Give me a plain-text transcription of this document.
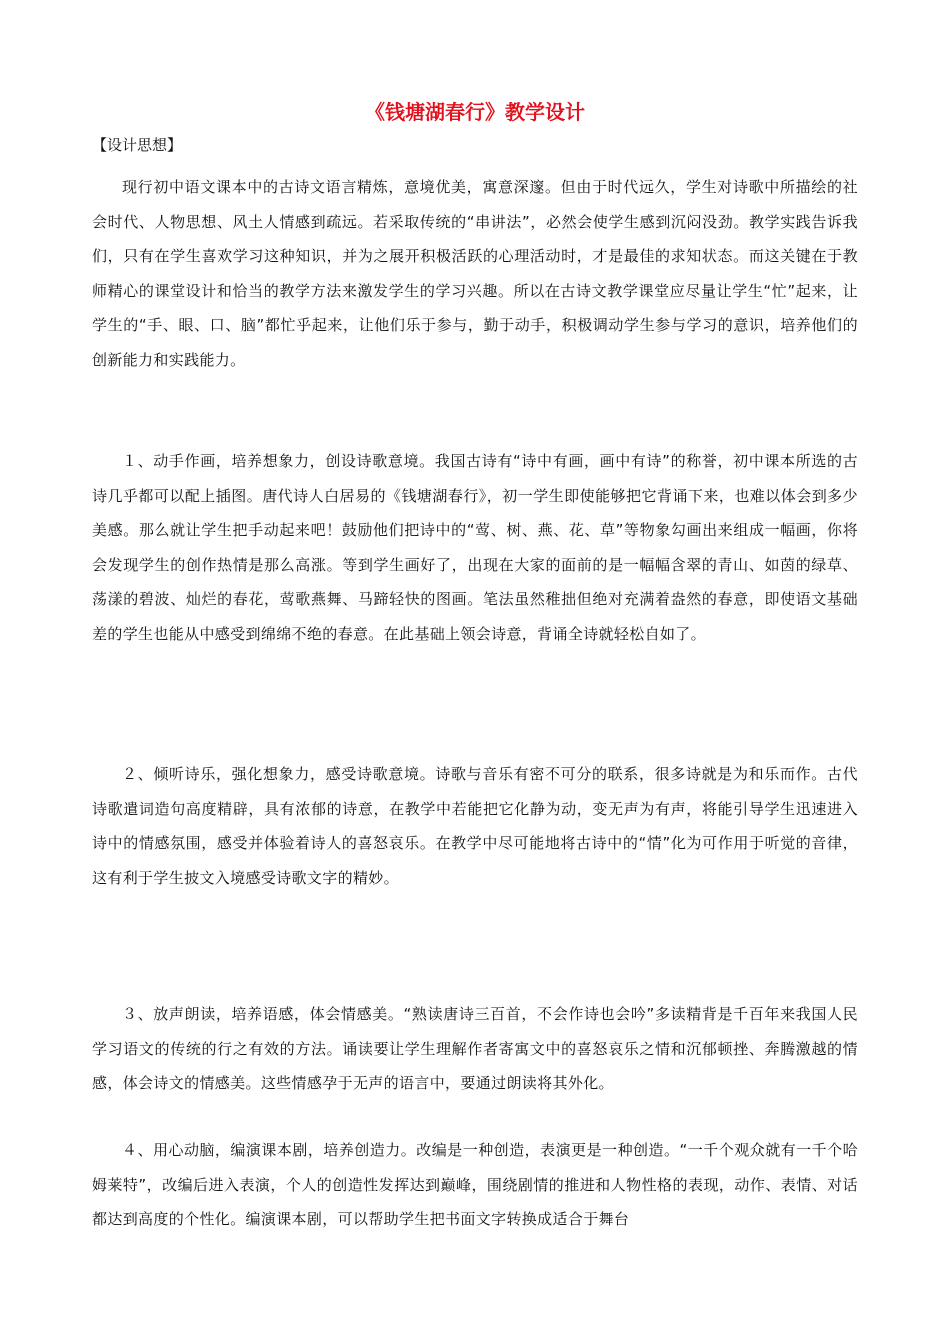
《钱塘湖春行》教学设计
【设计思想】

现行初中语文课本中的古诗文语言精炼，意境优美，寓意深邃。但由于时代远久，学生对诗歌中所描绘的社会时代、人物思想、风土人情感到疏远。若采取传统的“串讲法”，必然会使学生感到沉闷没劲。教学实践告诉我们，只有在学生喜欢学习这种知识，并为之展开积极活跃的心理活动时，才是最佳的求知状态。而这关键在于教师精心的课堂设计和恰当的教学方法来激发学生的学习兴趣。所以在古诗文教学课堂应尽量让学生“忙”起来，让学生的“手、眼、口、脑”都忙乎起来，让他们乐于参与，勤于动手，积极调动学生参与学习的意识，培养他们的创新能力和实践能力。

１、动手作画，培养想象力，创设诗歌意境。我国古诗有“诗中有画，画中有诗”的称誉，初中课本所选的古诗几乎都可以配上插图。唐代诗人白居易的《钱塘湖春行》，初一学生即使能够把它背诵下来，也难以体会到多少美感。那么就让学生把手动起来吧！鼓励他们把诗中的“莺、树、燕、花、草”等物象勾画出来组成一幅画，你将会发现学生的创作热情是那么高涨。等到学生画好了，出现在大家的面前的是一幅幅含翠的青山、如茵的绿草、荡漾的碧波、灿烂的春花，莺歌燕舞、马蹄轻快的图画。笔法虽然稚拙但绝对充满着盎然的春意，即使语文基础差的学生也能从中感受到绵绵不绝的春意。在此基础上领会诗意，背诵全诗就轻松自如了。

２、倾听诗乐，强化想象力，感受诗歌意境。诗歌与音乐有密不可分的联系，很多诗就是为和乐而作。古代诗歌遣词造句高度精辟，具有浓郁的诗意，在教学中若能把它化静为动，变无声为有声，将能引导学生迅速进入诗中的情感氛围，感受并体验着诗人的喜怒哀乐。在教学中尽可能地将古诗中的“情”化为可作用于听觉的音律，这有利于学生披文入境感受诗歌文字的精妙。

３、放声朗读，培养语感，体会情感美。“熟读唐诗三百首，不会作诗也会吟”多读精背是千百年来我国人民学习语文的传统的行之有效的方法。诵读要让学生理解作者寄寓文中的喜怒哀乐之情和沉郁顿挫、奔腾激越的情感，体会诗文的情感美。这些情感孕于无声的语言中，要通过朗读将其外化。

４、用心动脑，编演课本剧，培养创造力。改编是一种创造，表演更是一种创造。“一千个观众就有一千个哈姆莱特”，改编后进入表演，个人的创造性发挥达到巅峰，围绕剧情的推进和人物性格的表现，动作、表情、对话都达到高度的个性化。编演课本剧，可以帮助学生把书面文字转换成适合于舞台
